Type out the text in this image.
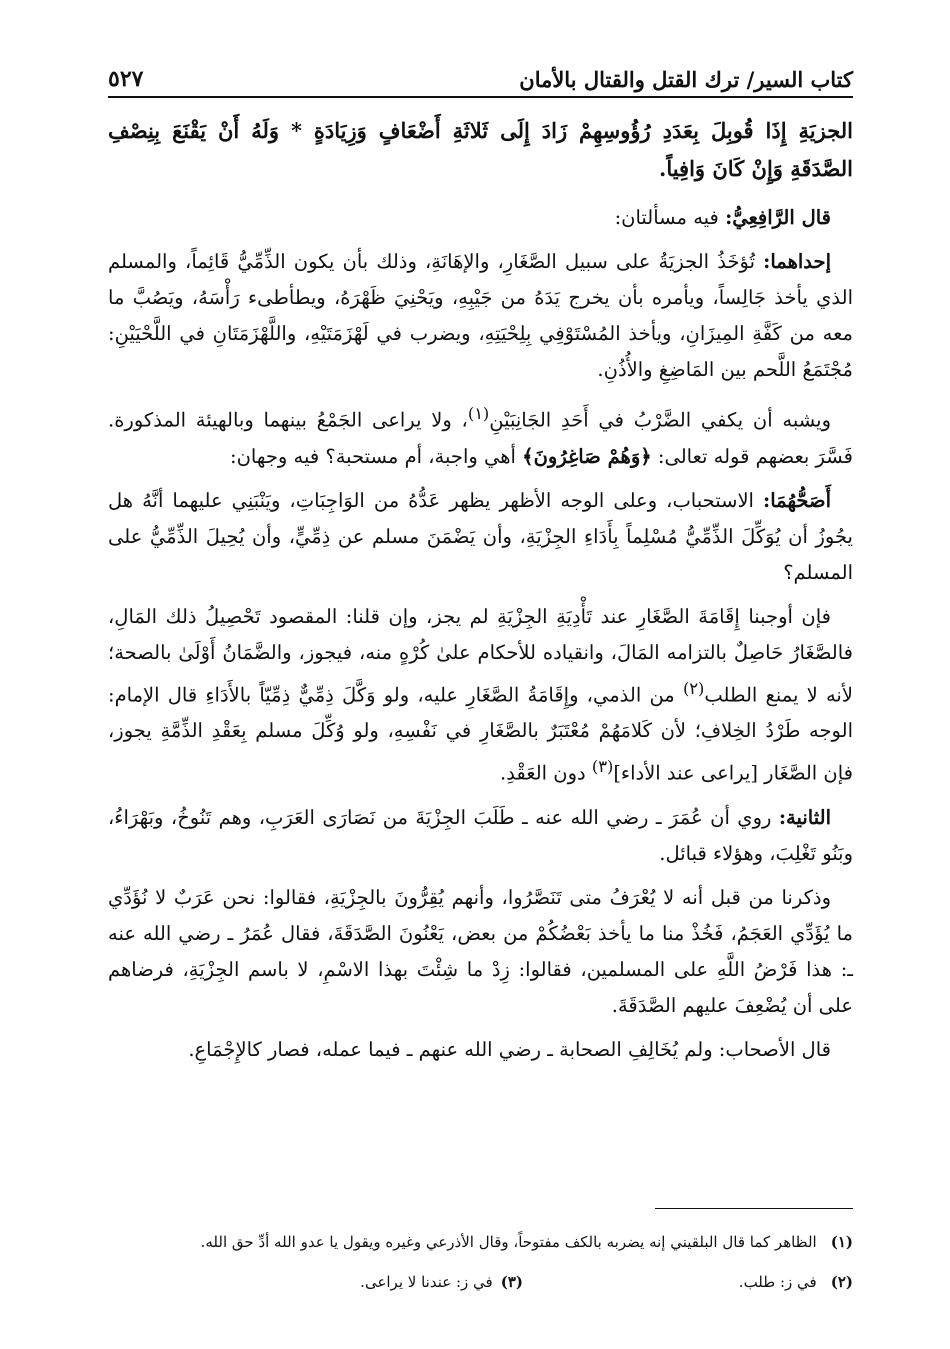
كتاب السير/ ترك القتل والقتال بالأمان
٥٢٧

الجزيَةِ إِذَا قُوبِلَ بِعَدَدِ رُؤُوسِهِمْ زَادَ إِلَى ثَلاثَةِ أَضْعَافٍ وَزِيَادَةٍ * وَلَهُ أَنْ يَقْنَعَ بِنِصْفِ الصَّدَقَةِ وَإِنْ كَانَ وَافِياً.

قال الرَّافِعِيُّ: فيه مسألتان:

إحداهما: تُؤخَذُ الجزيَةُ على سبيل الصَّغَارِ، والإهَانَةِ، وذلك بأن يكون الذِّمِّيُّ قَائِماً، والمسلم الذي يأخذ جَالِساً، ويأمره بأن يخرج يَدَهُ من جَيْبِهِ، ويَحْنِيَ ظَهْرَهُ، ويطأطىء رَأْسَهُ، ويَصُبَّ ما معه من كَفَّةِ المِيزَانِ، ويأخذ المُسْتَوْفِي بِلِحْيَتِهِ، ويضرب في لَهْزَمَتَيْهِ، واللَّهْزَمَتَانِ في اللَّحْيَيْنِ: مُجْتَمَعُ اللَّحم بين المَاضِغِ والأُذُنِ.

ويشبه أن يكفي الضَّرْبُ في أَحَدِ الجَانِبَيْنِ$^{(١)}$، ولا يراعى الجَمْعُ بينهما وبالهيئة المذكورة. فَسَّرَ بعضهم قوله تعالى: ﴿وَهُمْ صَاغِرُونَ﴾ أهي واجبة، أم مستحبة؟ فيه وجهان:

أَصَحُّهُمَا: الاستحباب، وعلى الوجه الأظهر يظهر عَدُّهُ من الوَاجِبَاتِ، ويَنْبَنِي عليهما أنَّهُ هل يجُوزُ أن يُوَكِّلَ الذِّمِّيُّ مُسْلِماً بِأَدَاءِ الجِزْيَةِ، وأن يَضْمَنَ مسلم عن ذِمِّيٍّ، وأن يُحِيلَ الذِّمِّيُّ على المسلم؟

فإن أوجبنا إِقَامَةَ الصَّغَارِ عند تَأْدِيَةِ الجِزْيَةِ لم يجز، وإن قلنا: المقصود تَحْصِيلُ ذلك المَالِ، فالصَّغَارُ حَاصِلٌ بالتزامه المَالَ، وانقياده للأحكام علىٰ كُرْهٍ منه، فيجوز، والضَّمَانُ أَوْلَىٰ بالصحة؛ لأنه لا يمنع الطلب$^{(٢)}$ من الذمي، وإِقَامَةُ الصَّغَارِ عليه، ولو وَكَّلَ ذِمِّيٌّ ذِمِّيّاً بالأَدَاءِ قال الإمام: الوجه طَرْدُ الخِلافِ؛ لأن كَلامَهُمْ مُعْتَبَرٌ بالصَّغَارِ في نَفْسِهِ، ولو وُكِّلَ مسلم بِعَقْدِ الذِّمَّةِ يجوز، فإن الصَّغَار [يراعى عند الأداء]$^{(٣)}$ دون العَقْدِ.

الثانية: روي أن عُمَرَ ـ رضي الله عنه ـ طَلَبَ الجِزْيَةَ من نَصَارَى العَرَبِ، وهم تَنُوخُ، وبَهْرَاءُ، وبَنُو تَغْلِبَ، وهؤلاء قبائل.

وذكرنا من قبل أنه لا يُعْرَفُ متى تَنَصَّرُوا، وأنهم يُقِرُّونَ بالجِزْيَةِ، فقالوا: نحن عَرَبٌ لا نُؤَدِّي ما يُؤَدِّي العَجَمُ، فَخُذْ منا ما يأخذ بَعْضُكُمْ من بعض، يَعْنُونَ الصَّدَقَةَ، فقال عُمَرُ ـ رضي الله عنه ـ: هذا فَرْضُ اللَّهِ على المسلمين، فقالوا: زِدْ ما شِئْتَ بهذا الاسْمِ، لا باسم الجِزْيَةِ، فرضاهم على أن يُضْعِفَ عليهم الصَّدَقَةَ.

قال الأصحاب: ولم يُخَالِفِ الصحابة ـ رضي الله عنهم ـ فيما عمله، فصار كالإِجْمَاعِ.

(١)
الظاهر كما قال البلقيني إنه يضربه بالكف مفتوحاً، وقال الأذرعي وغيره ويقول يا عدو الله أدِّ حق الله.
(٢)
في ز: طلب.
(٣)
في ز: عندنا لا يراعى.
